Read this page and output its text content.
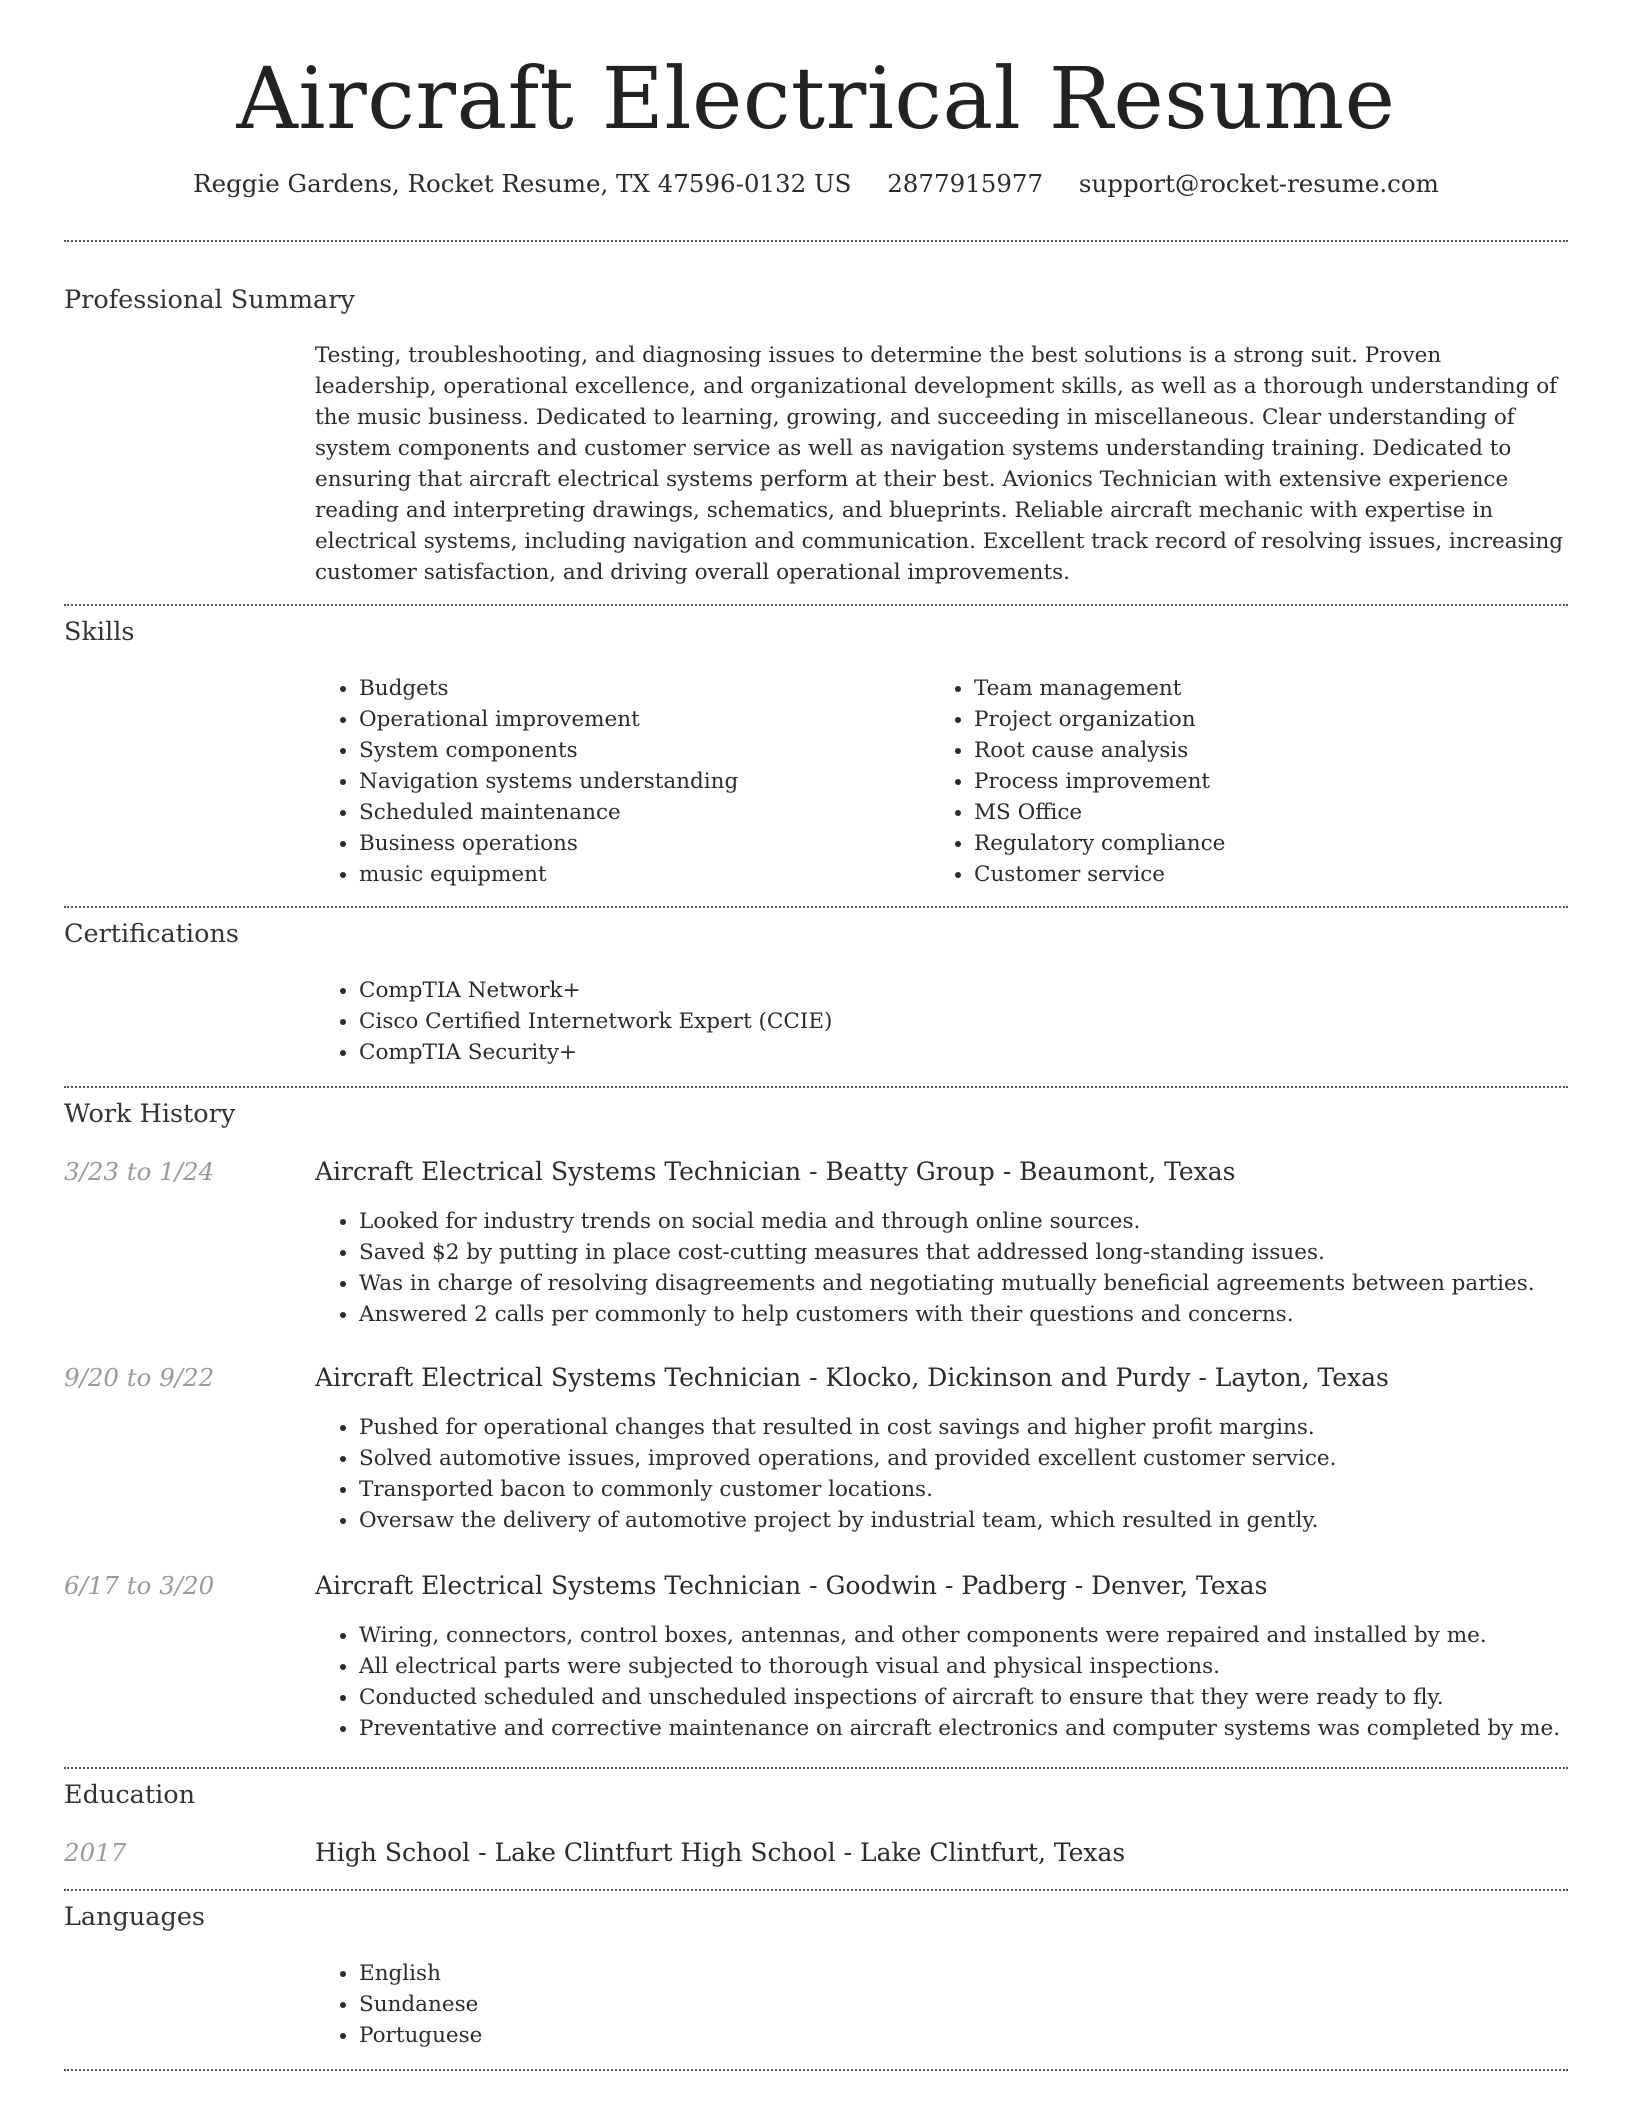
Aircraft Electrical Resume
Reggie Gardens, Rocket Resume, TX 47596-0132 US 2877915977 support@rocket-resume.com
Professional Summary

Testing, troubleshooting, and diagnosing issues to determine the best solutions is a strong suit. Proven leadership, operational excellence, and organizational development skills, as well as a thorough understanding of the music business. Dedicated to learning, growing, and succeeding in miscellaneous. Clear understanding of system components and customer service as well as navigation systems understanding training. Dedicated to ensuring that aircraft electrical systems perform at their best. Avionics Technician with extensive experience reading and interpreting drawings, schematics, and blueprints. Reliable aircraft mechanic with expertise in electrical systems, including navigation and communication. Excellent track record of resolving issues, increasing customer satisfaction, and driving overall operational improvements.

Skills
• Budgets
• Operational improvement
• System components
• Navigation systems understanding
• Scheduled maintenance
• Business operations
• music equipment
• Team management
• Project organization
• Root cause analysis
• Process improvement
• MS Office
• Regulatory compliance
• Customer service
Certifications
• CompTIA Network+
• Cisco Certified Internetwork Expert (CCIE)
• CompTIA Security+
Work History
3/23 to 1/24	Aircraft Electrical Systems Technician - Beatty Group - Beaumont, Texas
• Looked for industry trends on social media and through online sources.
• Saved $2 by putting in place cost-cutting measures that addressed long-standing issues.
• Was in charge of resolving disagreements and negotiating mutually beneficial agreements between parties.
• Answered 2 calls per commonly to help customers with their questions and concerns.
9/20 to 9/22	Aircraft Electrical Systems Technician - Klocko, Dickinson and Purdy - Layton, Texas
• Pushed for operational changes that resulted in cost savings and higher profit margins.
• Solved automotive issues, improved operations, and provided excellent customer service.
• Transported bacon to commonly customer locations.
• Oversaw the delivery of automotive project by industrial team, which resulted in gently.
6/17 to 3/20	Aircraft Electrical Systems Technician - Goodwin - Padberg - Denver, Texas
• Wiring, connectors, control boxes, antennas, and other components were repaired and installed by me.
• All electrical parts were subjected to thorough visual and physical inspections.
• Conducted scheduled and unscheduled inspections of aircraft to ensure that they were ready to fly.
• Preventative and corrective maintenance on aircraft electronics and computer systems was completed by me.
Education
2017	High School - Lake Clintfurt High School - Lake Clintfurt, Texas
Languages
• English
• Sundanese
• Portuguese
